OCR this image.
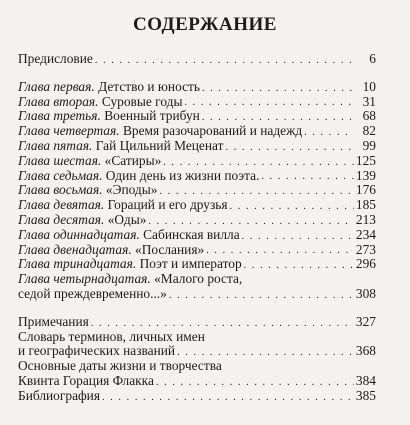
СОДЕРЖАНИЕ
Предисловие . . .	6
Глава первая. Детство и юность . . .	10
Глава вторая. Суровые годы . . .	31
Глава третья. Военный трибун . . .	68
Глава четвертая. Время разочарований и надежд . . .	82
Глава пятая. Гай Цильний Меценат . . .	99
Глава шестая. «Сатиры» . . .	125
Глава седьмая. Один день из жизни поэта. . . .	139
Глава восьмая. «Эподы» . . .	176
Глава девятая. Гораций и его друзья . . .	185
Глава десятая. «Оды» . . .	213
Глава одиннадцатая. Сабинская вилла . . .	234
Глава двенадцатая. «Послания» . . .	273
Глава тринадцатая. Поэт и император . . .	296
Глава четырнадцатая. «Малого роста,
седой преждевременно...» . . .	308
Примечания . . .	327
Словарь терминов, личных имен
и географических названий . . .	368
Основные даты жизни и творчества
Квинта Горация Флакка . . .	384
Библиография . . .	385
